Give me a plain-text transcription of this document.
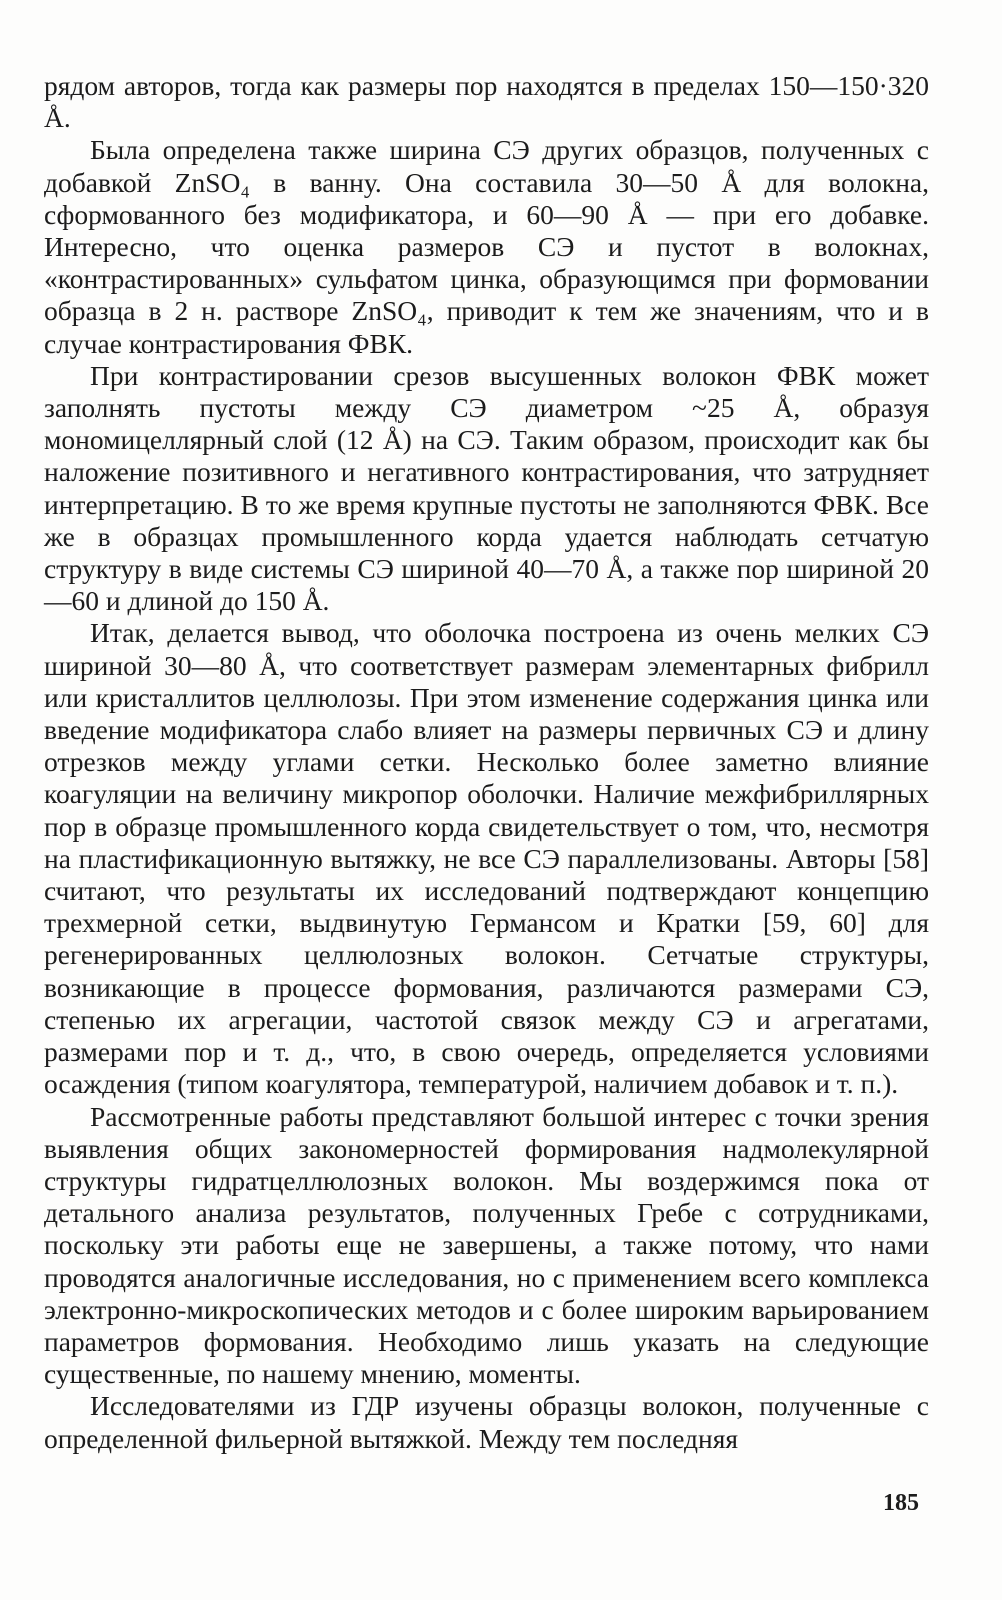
рядом авторов, тогда как размеры пор находятся в пределах 150—150·320 Å.

Была определена также ширина СЭ других образцов, полученных с добавкой ZnSO₄ в ванну. Она составила 30—50 Å для волокна, сформованного без модификатора, и 60—90 Å — при его добавке. Интересно, что оценка размеров СЭ и пустот в волокнах, «контрастированных» сульфатом цинка, образующимся при формовании образца в 2 н. растворе ZnSO₄, приводит к тем же значениям, что и в случае контрастирования ФВК.

При контрастировании срезов высушенных волокон ФВК может заполнять пустоты между СЭ диаметром ~25 Å, образуя мономицеллярный слой (12 Å) на СЭ. Таким образом, происходит как бы наложение позитивного и негативного контрастирования, что затрудняет интерпретацию. В то же время крупные пустоты не заполняются ФВК. Все же в образцах промышленного корда удается наблюдать сетчатую структуру в виде системы СЭ шириной 40—70 Å, а также пор шириной 20—60 и длиной до 150 Å.

Итак, делается вывод, что оболочка построена из очень мелких СЭ шириной 30—80 Å, что соответствует размерам элементарных фибрилл или кристаллитов целлюлозы. При этом изменение содержания цинка или введение модификатора слабо влияет на размеры первичных СЭ и длину отрезков между углами сетки. Несколько более заметно влияние коагуляции на величину микропор оболочки. Наличие межфибриллярных пор в образце промышленного корда свидетельствует о том, что, несмотря на пластификационную вытяжку, не все СЭ параллелизованы. Авторы [58] считают, что результаты их исследований подтверждают концепцию трехмерной сетки, выдвинутую Германсом и Кратки [59, 60] для регенерированных целлюлозных волокон. Сетчатые структуры, возникающие в процессе формования, различаются размерами СЭ, степенью их агрегации, частотой связок между СЭ и агрегатами, размерами пор и т. д., что, в свою очередь, определяется условиями осаждения (типом коагулятора, температурой, наличием добавок и т. п.).

Рассмотренные работы представляют большой интерес с точки зрения выявления общих закономерностей формирования надмолекулярной структуры гидратцеллюлозных волокон. Мы воздержимся пока от детального анализа результатов, полученных Гребе с сотрудниками, поскольку эти работы еще не завершены, а также потому, что нами проводятся аналогичные исследования, но с применением всего комплекса электронно-микроскопических методов и с более широким варьированием параметров формования. Необходимо лишь указать на следующие существенные, по нашему мнению, моменты.

Исследователями из ГДР изучены образцы волокон, полученные с определенной фильерной вытяжкой. Между тем последняя

185
